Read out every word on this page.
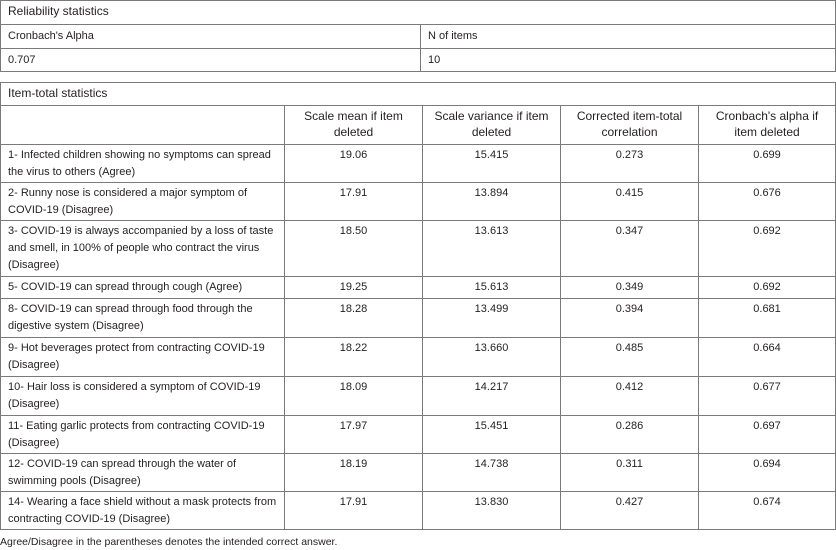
Reliability statistics	
Cronbach's Alpha	N of items
0.707	10
Item-total statistics				
	Scale mean if item deleted	Scale variance if item deleted	Corrected item-total correlation	Cronbach's alpha if item deleted
1- Infected children showing no symptoms can spread the virus to others (Agree)	19.06	15.415	0.273	0.699
2- Runny nose is considered a major symptom of COVID-19 (Disagree)	17.91	13.894	0.415	0.676
3- COVID-19 is always accompanied by a loss of taste and smell, in 100% of people who contract the virus (Disagree)	18.50	13.613	0.347	0.692
5- COVID-19 can spread through cough (Agree)	19.25	15.613	0.349	0.692
8- COVID-19 can spread through food through the digestive system (Disagree)	18.28	13.499	0.394	0.681
9- Hot beverages protect from contracting COVID-19 (Disagree)	18.22	13.660	0.485	0.664
10- Hair loss is considered a symptom of COVID-19 (Disagree)	18.09	14.217	0.412	0.677
11- Eating garlic protects from contracting COVID-19 (Disagree)	17.97	15.451	0.286	0.697
12- COVID-19 can spread through the water of swimming pools (Disagree)	18.19	14.738	0.311	0.694
14- Wearing a face shield without a mask protects from contracting COVID-19 (Disagree)	17.91	13.830	0.427	0.674
Agree/Disagree in the parentheses denotes the intended correct answer.
